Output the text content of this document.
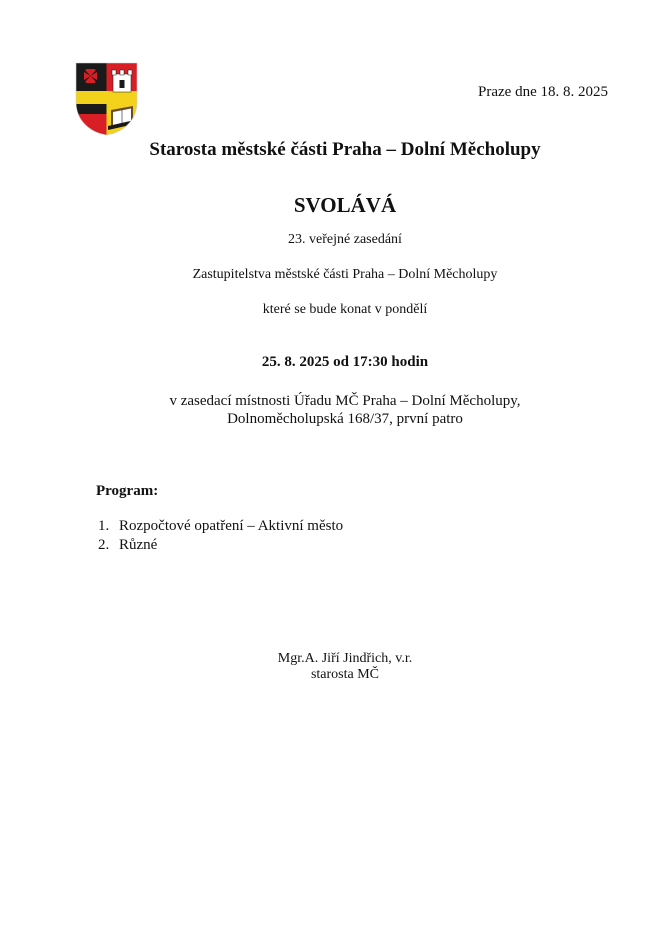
Praze dne 18. 8. 2025
Starosta městské části Praha – Dolní Měcholupy
SVOLÁVÁ
23. veřejné zasedání
Zastupitelstva městské části Praha – Dolní Měcholupy
které se bude konat v pondělí
25. 8. 2025 od 17:30 hodin
v zasedací místnosti Úřadu MČ Praha – Dolní Měcholupy,
Dolnoměcholupská 168/37, první patro
Program:
1. Rozpočtové opatření – Aktivní město
2. Různé
Mgr.A. Jiří Jindřich, v.r.
starosta MČ
